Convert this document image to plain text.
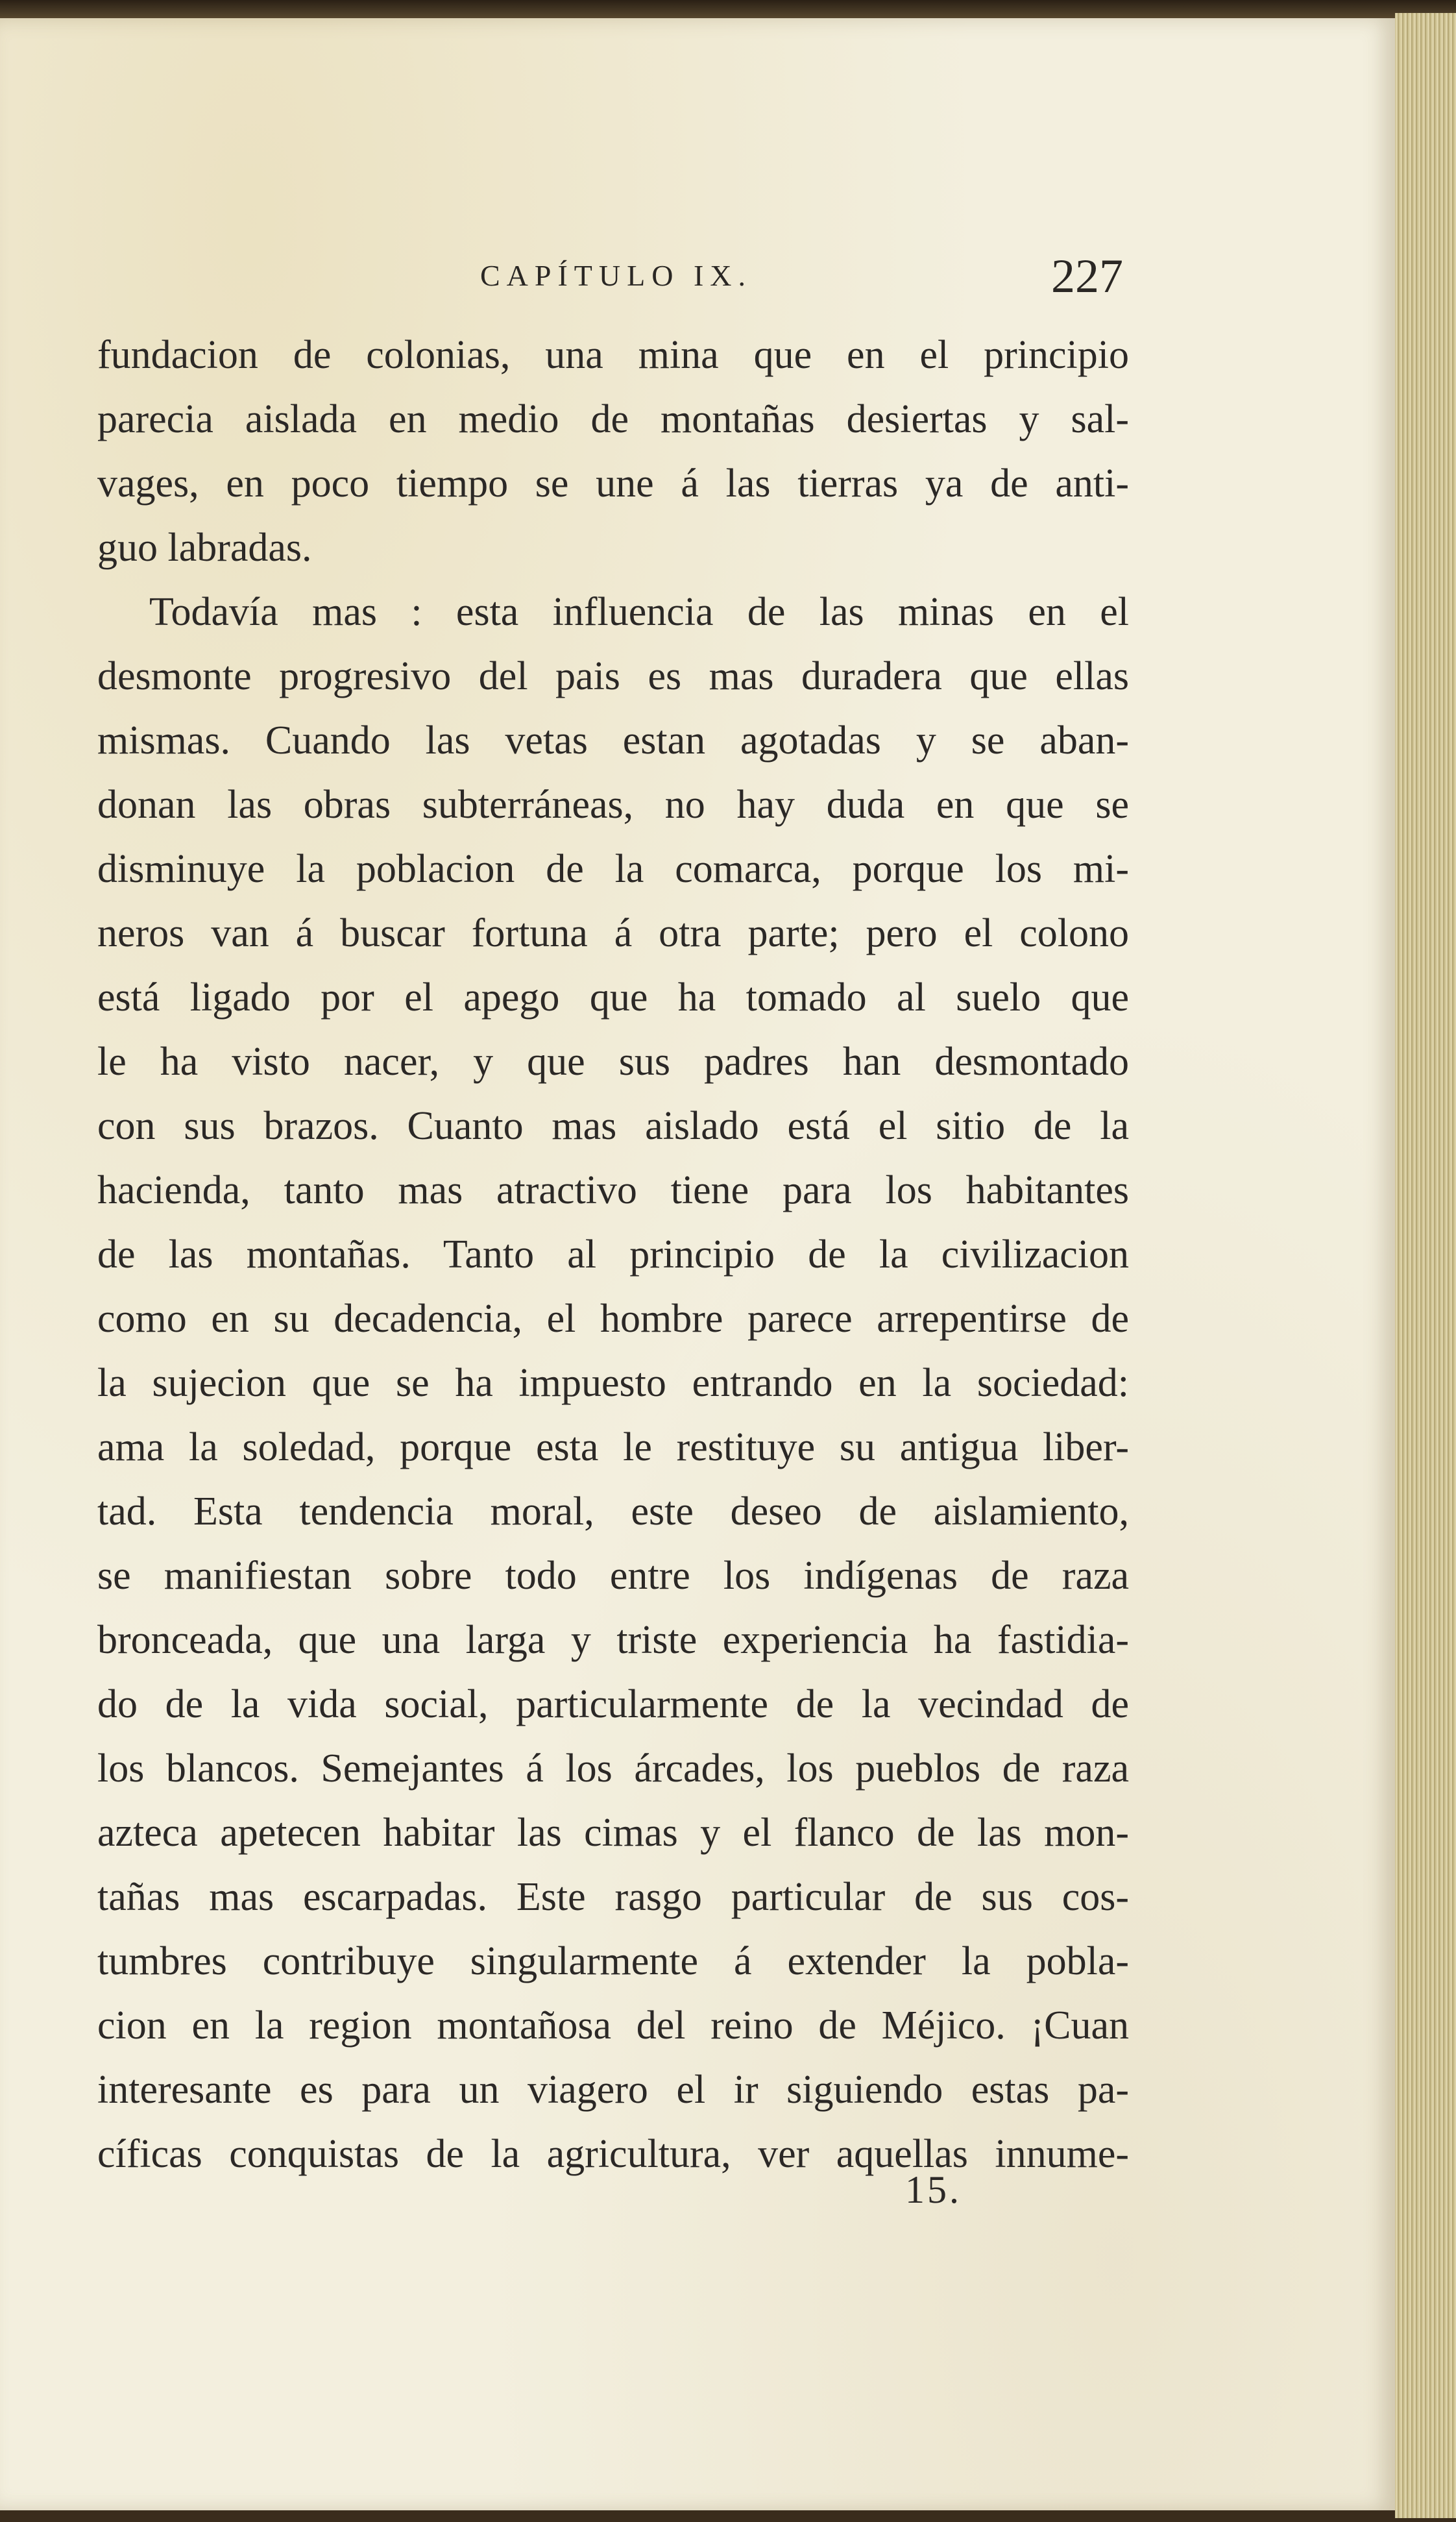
CAPÍTULO IX.	227
fundacion de colonias, una mina que en el principio
parecia aislada en medio de montañas desiertas y sal-
vages, en poco tiempo se une á las tierras ya de anti-
guo labradas.
Todavía mas : esta influencia de las minas en el
desmonte progresivo del pais es mas duradera que ellas
mismas. Cuando las vetas estan agotadas y se aban-
donan las obras subterráneas, no hay duda en que se
disminuye la poblacion de la comarca, porque los mi-
neros van á buscar fortuna á otra parte; pero el colono
está ligado por el apego que ha tomado al suelo que
le ha visto nacer, y que sus padres han desmontado
con sus brazos. Cuanto mas aislado está el sitio de la
hacienda, tanto mas atractivo tiene para los habitantes
de las montañas. Tanto al principio de la civilizacion
como en su decadencia, el hombre parece arrepentirse de
la sujecion que se ha impuesto entrando en la sociedad:
ama la soledad, porque esta le restituye su antigua liber-
tad. Esta tendencia moral, este deseo de aislamiento,
se manifiestan sobre todo entre los indígenas de raza
bronceada, que una larga y triste experiencia ha fastidia-
do de la vida social, particularmente de la vecindad de
los blancos. Semejantes á los árcades, los pueblos de raza
azteca apetecen habitar las cimas y el flanco de las mon-
tañas mas escarpadas. Este rasgo particular de sus cos-
tumbres contribuye singularmente á extender la pobla-
cion en la region montañosa del reino de Méjico. ¡Cuan
interesante es para un viagero el ir siguiendo estas pa-
cíficas conquistas de la agricultura, ver aquellas innume-
15.
